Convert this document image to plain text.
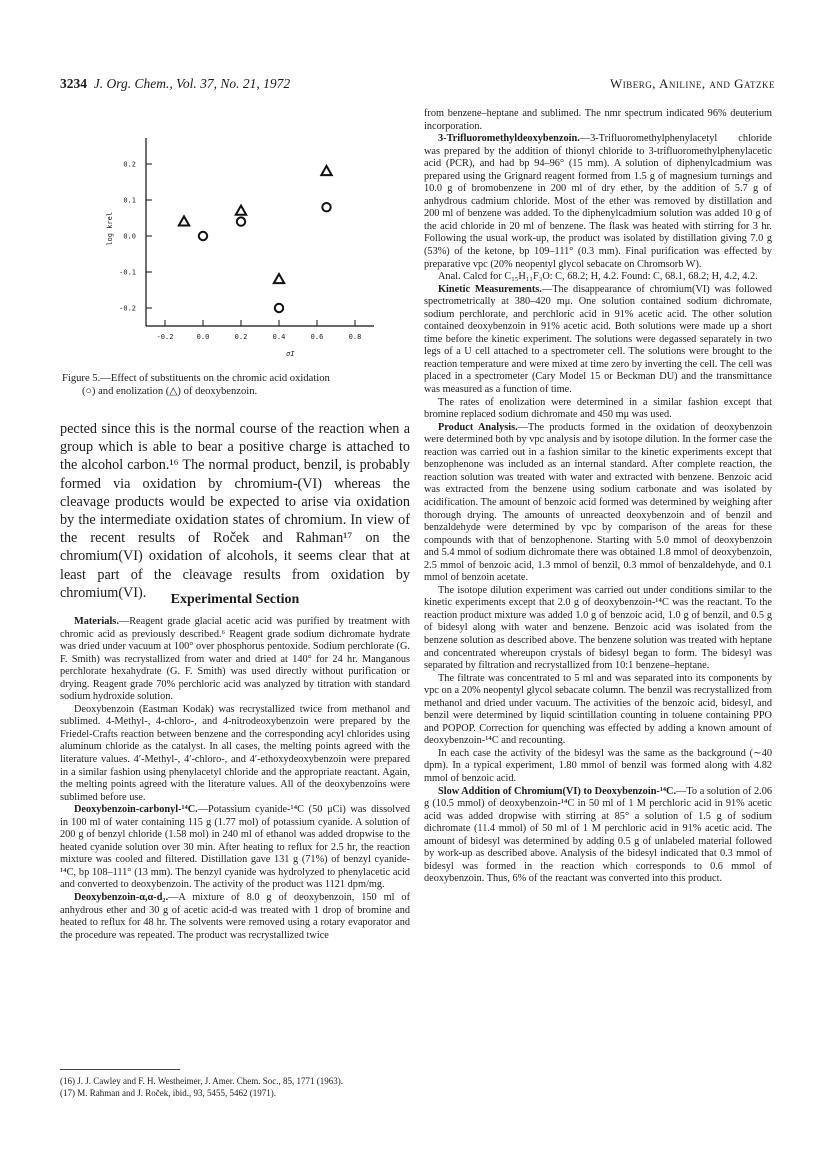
3234 J. Org. Chem., Vol. 37, No. 21, 1972	Wiberg, Aniline, and Gatzke
0.2
0.1
0.0
-0.1
-0.2
-0.2	0.0	0.2	0.4	0.6	0.8
σI
log krel
Figure 5.—Effect of substituents on the chromic acid oxidation
(○) and enolization (△) of deoxybenzoin.

pected since this is the normal course of the reaction when a group which is able to bear a positive charge is attached to the alcohol carbon.¹⁶ The normal product, benzil, is probably formed via oxidation by chromium-(VI) whereas the cleavage products would be expected to arise via oxidation by the intermediate oxidation states of chromium. In view of the recent results of Roček and Rahman¹⁷ on the chromium(VI) oxidation of alcohols, it seems clear that at least part of the cleavage results from oxidation by chromium(VI).	Experimental Section

Materials.—Reagent grade glacial acetic acid was purified by treatment with chromic acid as previously described.⁶ Reagent grade sodium dichromate hydrate was dried under vacuum at 100° over phosphorus pentoxide. Sodium perchlorate (G. F. Smith) was recrystallized from water and dried at 140° for 24 hr. Manganous perchlorate hexahydrate (G. F. Smith) was used directly without purification or drying. Reagent grade 70% perchloric acid was analyzed by titration with standard sodium hydroxide solution.

Deoxybenzoin (Eastman Kodak) was recrystallized twice from methanol and sublimed. 4-Methyl-, 4-chloro-, and 4-nitrodeoxybenzoin were prepared by the Friedel-Crafts reaction between benzene and the corresponding acyl chlorides using aluminum chloride as the catalyst. In all cases, the melting points agreed with the literature values. 4′-Methyl-, 4′-chloro-, and 4′-ethoxydeoxybenzoin were prepared in a similar fashion using phenylacetyl chloride and the appropriate reactant. Again, the melting points agreed with the literature values. All of the deoxybenzoins were sublimed before use.

Deoxybenzoin-carbonyl-¹⁴C.—Potassium cyanide-¹⁴C (50 μCi) was dissolved in 100 ml of water containing 115 g (1.77 mol) of potassium cyanide. A solution of 200 g of benzyl chloride (1.58 mol) in 240 ml of ethanol was added dropwise to the heated cyanide solution over 30 min. After heating to reflux for 2.5 hr, the reaction mixture was cooled and filtered. Distillation gave 131 g (71%) of benzyl cyanide-¹⁴C, bp 108–111° (13 mm). The benzyl cyanide was hydrolyzed to phenylacetic acid and converted to deoxybenzoin. The activity of the product was 1121 dpm/mg.

Deoxybenzoin-α,α-d₂.—A mixture of 8.0 g of deoxybenzoin, 150 ml of anhydrous ether and 30 g of acetic acid-d was treated with 1 drop of bromine and heated to reflux for 48 hr. The solvents were removed using a rotary evaporator and the procedure was repeated. The product was recrystallized twice

(16) J. J. Cawley and F. H. Westheimer, J. Amer. Chem. Soc., 85, 1771 (1963).
(17) M. Rahman and J. Roček, ibid., 93, 5455, 5462 (1971).

from benzene–heptane and sublimed. The nmr spectrum indicated 96% deuterium incorporation.

3-Trifluoromethyldeoxybenzoin.—3-Trifluoromethylphenylacetyl chloride was prepared by the addition of thionyl chloride to 3-trifluoromethylphenylacetic acid (PCR), and had bp 94–96° (15 mm). A solution of diphenylcadmium was prepared using the Grignard reagent formed from 1.5 g of magnesium turnings and 10.0 g of bromobenzene in 200 ml of dry ether, by the addition of 5.7 g of anhydrous cadmium chloride. Most of the ether was removed by distillation and 200 ml of benzene was added. To the diphenylcadmium solution was added 10 g of the acid chloride in 20 ml of benzene. The flask was heated with stirring for 3 hr. Following the usual work-up, the product was isolated by distillation giving 7.0 g (53%) of the ketone, bp 109–111° (0.3 mm). Final purification was effected by preparative vpc (20% neopentyl glycol sebacate on Chromsorb W).

Anal. Calcd for C₁₅H₁₁F₃O: C, 68.2; H, 4.2. Found: C, 68.1, 68.2; H, 4.2, 4.2.

Kinetic Measurements.—The disappearance of chromium(VI) was followed spectrometrically at 380–420 mμ. One solution contained sodium dichromate, sodium perchlorate, and perchloric acid in 91% acetic acid. The other solution contained deoxybenzoin in 91% acetic acid. Both solutions were made up a short time before the kinetic experiment. The solutions were degassed separately in two legs of a U cell attached to a spectrometer cell. The solutions were brought to the reaction temperature and were mixed at time zero by inverting the cell. The cell was placed in a spectrometer (Cary Model 15 or Beckman DU) and the transmittance was measured as a function of time.

The rates of enolization were determined in a similar fashion except that bromine replaced sodium dichromate and 450 mμ was used.

Product Analysis.—The products formed in the oxidation of deoxybenzoin were determined both by vpc analysis and by isotope dilution. In the former case the reaction was carried out in a fashion similar to the kinetic experiments except that benzophenone was included as an internal standard. After complete reaction, the reaction solution was treated with water and extracted with benzene. Benzoic acid was extracted from the benzene using sodium carbonate and was isolated by acidification. The amount of benzoic acid formed was determined by weighing after thorough drying. The amounts of unreacted deoxybenzoin and of benzil and benzaldehyde were determined by vpc by comparison of the areas for these compounds with that of benzophenone. Starting with 5.0 mmol of deoxybenzoin and 5.4 mmol of sodium dichromate there was obtained 1.8 mmol of deoxybenzoin, 2.5 mmol of benzoic acid, 1.3 mmol of benzil, 0.3 mmol of benzaldehyde, and 0.1 mmol of benzoin acetate.

The isotope dilution experiment was carried out under conditions similar to the kinetic experiments except that 2.0 g of deoxybenzoin-¹⁴C was the reactant. To the reaction product mixture was added 1.0 g of benzoic acid, 1.0 g of benzil, and 0.5 g of bidesyl along with water and benzene. Benzoic acid was isolated from the benzene solution as described above. The benzene solution was treated with heptane and concentrated whereupon crystals of bidesyl began to form. The bidesyl was separated by filtration and recrystallized from 10:1 benzene–heptane.

The filtrate was concentrated to 5 ml and was separated into its components by vpc on a 20% neopentyl glycol sebacate column. The benzil was recrystallized from methanol and dried under vacuum. The activities of the benzoic acid, bidesyl, and benzil were determined by liquid scintillation counting in toluene containing PPO and POPOP. Correction for quenching was effected by adding a known amount of deoxybenzoin-¹⁴C and recounting.

In each case the activity of the bidesyl was the same as the background (∼40 dpm). In a typical experiment, 1.80 mmol of benzil was formed along with 4.82 mmol of benzoic acid.

Slow Addition of Chromium(VI) to Deoxybenzoin-¹⁴C.—To a solution of 2.06 g (10.5 mmol) of deoxybenzoin-¹⁴C in 50 ml of 1 M perchloric acid in 91% acetic acid was added dropwise with stirring at 85° a solution of 1.5 g of sodium dichromate (11.4 mmol) of 50 ml of 1 M perchloric acid in 91% acetic acid. The amount of bidesyl was determined by adding 0.5 g of unlabeled material followed by work-up as described above. Analysis of the bidesyl indicated that 0.3 mmol of bidesyl was formed in the reaction which corresponds to 0.6 mmol of deoxybenzoin. Thus, 6% of the reactant was converted into this product.
